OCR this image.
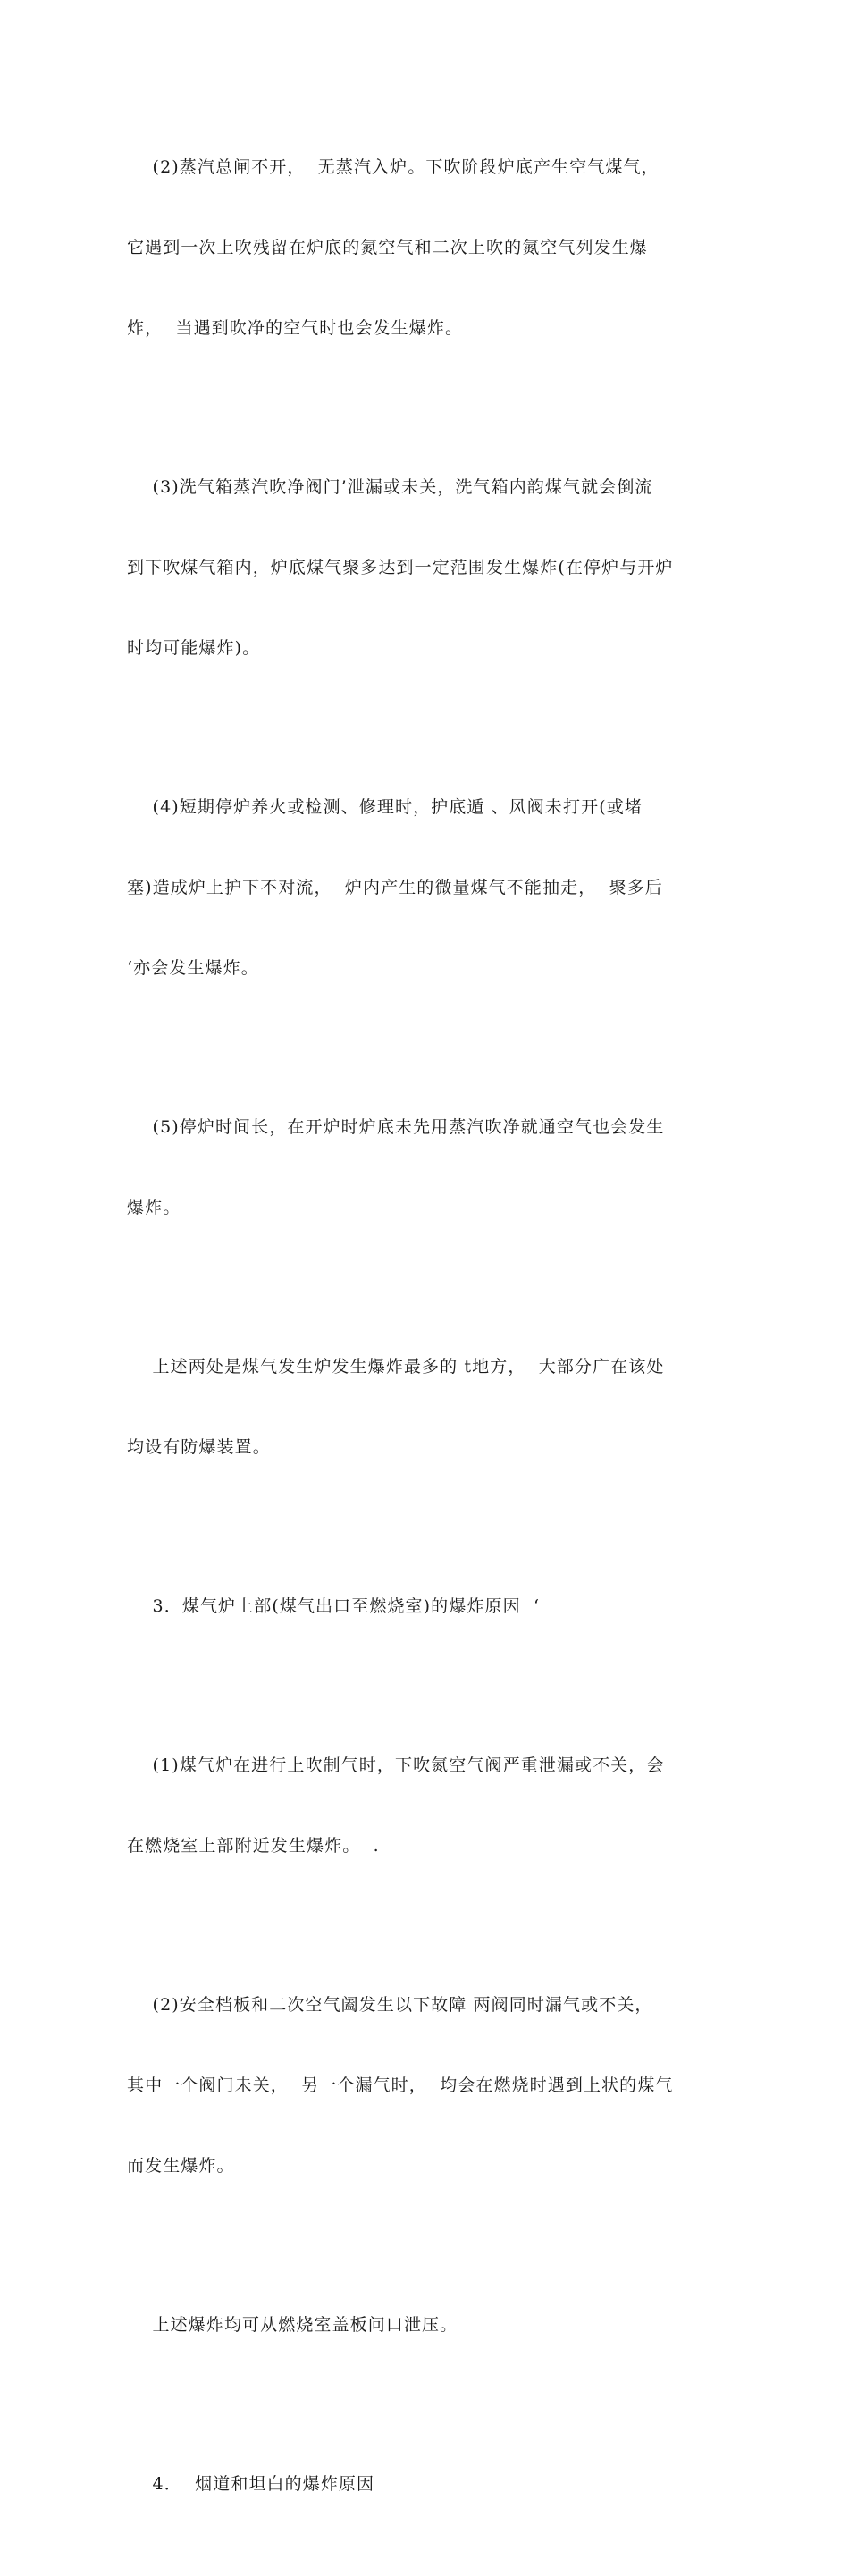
(2)蒸汽总闸不开，  无蒸汽入炉。下吹阶段炉底产生空气煤气，

它遇到一次上吹残留在炉底的氮空气和二次上吹的氮空气列发生爆

炸，  当遇到吹净的空气时也会发生爆炸。

(3)洗气箱蒸汽吹净阀门’泄漏或未关，洗气箱内韵煤气就会倒流

到下吹煤气箱内，炉底煤气聚多达到一定范围发生爆炸(在停炉与开炉

时均可能爆炸)。

(4)短期停炉养火或检测、修理时，护底遁 、风阀未打开(或堵

塞)造成炉上护下不对流，  炉内产生的微量煤气不能抽走，  聚多后

‘亦会发生爆炸。

(5)停炉时间长，在开炉时炉底未先用蒸汽吹净就通空气也会发生

爆炸。

上述两处是煤气发生炉发生爆炸最多的 t地方，  大部分广在该处

均设有防爆装置。

3．煤气炉上部(煤气出口至燃烧室)的爆炸原因  ‘

(1)煤气炉在进行上吹制气时，下吹氮空气阀严重泄漏或不关，会

在燃烧室上部附近发生爆炸。  .

(2)安全档板和二次空气阖发生以下故障 两阀同时漏气或不关，

其中一个阀门未关，  另一个漏气时，  均会在燃烧时遇到上状的煤气

而发生爆炸。

上述爆炸均可从燃烧室盖板问口泄压。

4．  烟道和坦白的爆炸原因
